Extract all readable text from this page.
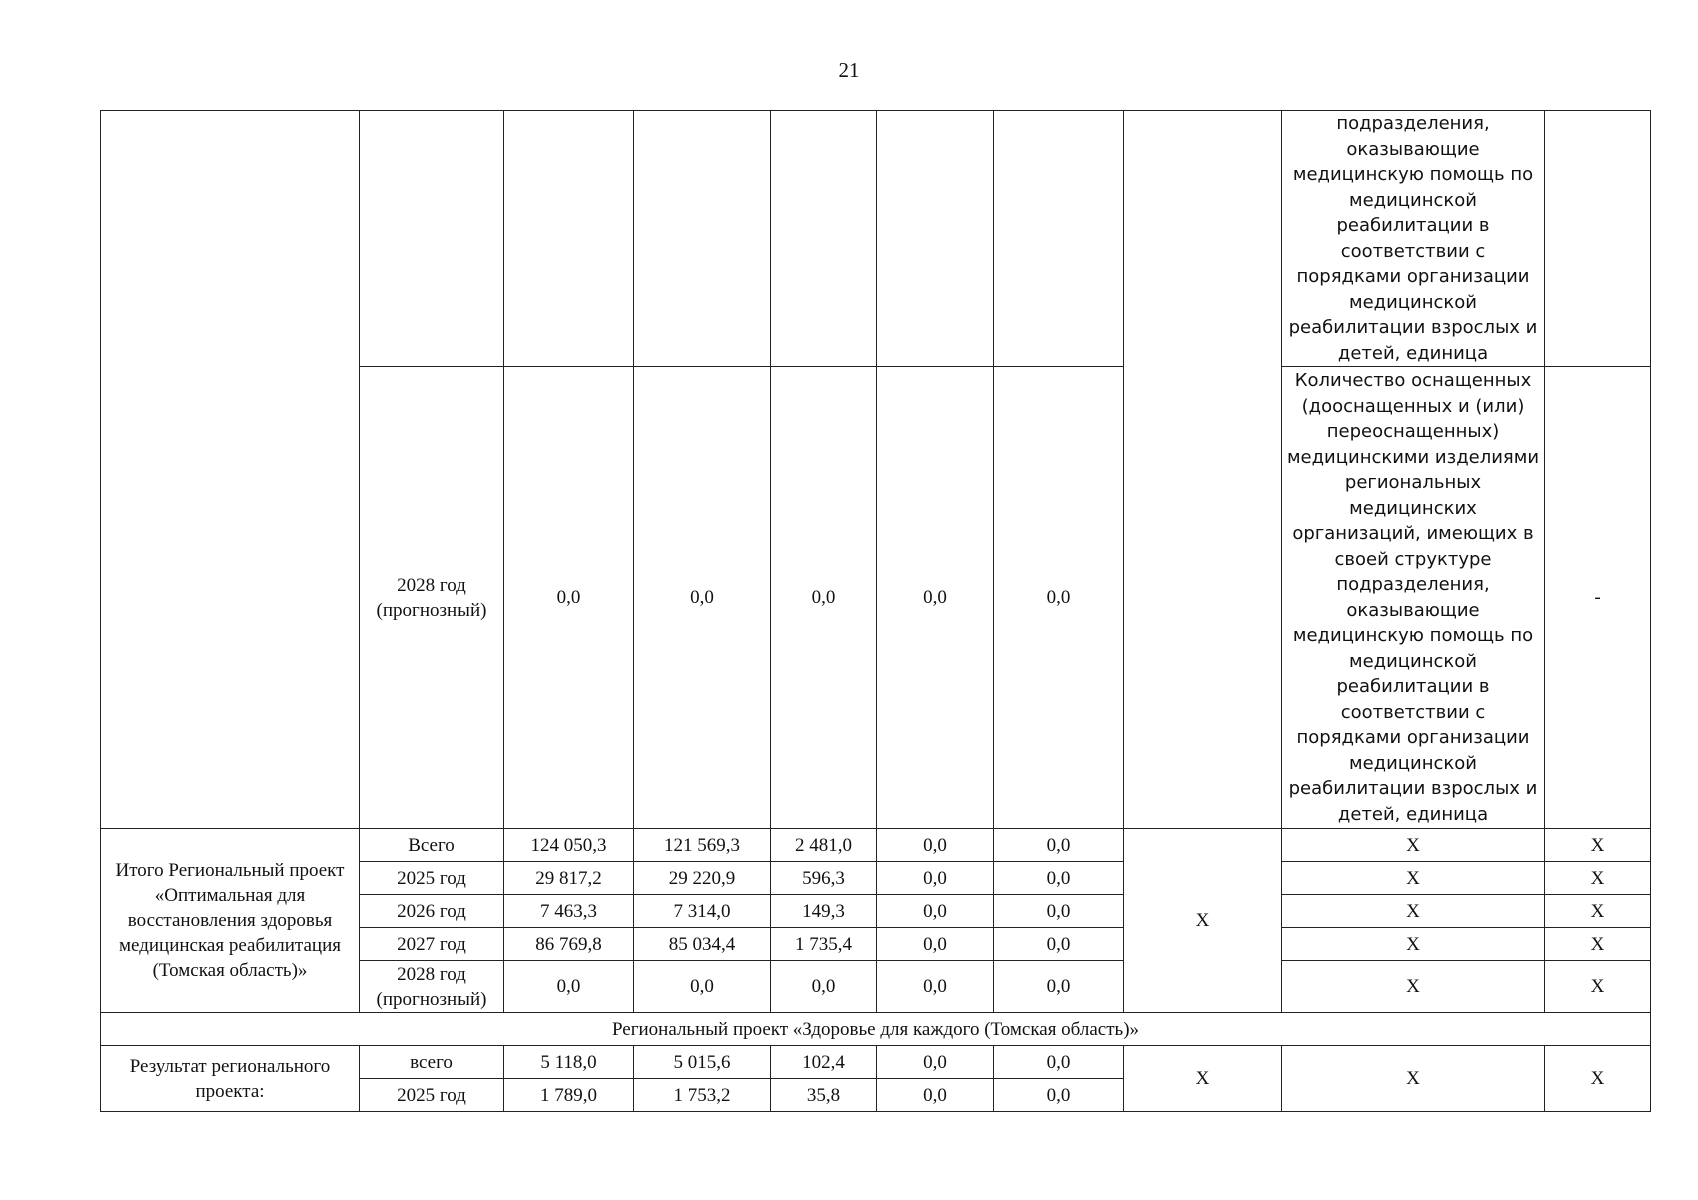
21
								подразделения, оказывающие медицинскую помощь по медицинской реабилитации в соответствии с порядками организации медицинской реабилитации взрослых и детей, единица	
	2028 год (прогнозный)	0,0	0,0	0,0	0,0	0,0		Количество оснащенных (дооснащенных и (или) переоснащенных) медицинскими изделиями региональных медицинских организаций, имеющих в своей структуре подразделения, оказывающие медицинскую помощь по медицинской реабилитации в соответствии с порядками организации медицинской реабилитации взрослых и детей, единица	-
Итого Региональный проект «Оптимальная для восстановления здоровья медицинская реабилитация (Томская область)»	Всего	124 050,3	121 569,3	2 481,0	0,0	0,0	X	X	X
	2025 год	29 817,2	29 220,9	596,3	0,0	0,0		X	X
	2026 год	7 463,3	7 314,0	149,3	0,0	0,0		X	X
	2027 год	86 769,8	85 034,4	1 735,4	0,0	0,0		X	X
	2028 год (прогнозный)	0,0	0,0	0,0	0,0	0,0		X	X
Региональный проект «Здоровье для каждого (Томская область)»									
Результат регионального проекта:	всего	5 118,0	5 015,6	102,4	0,0	0,0	X	X	X
	2025 год	1 789,0	1 753,2	35,8	0,0	0,0			
